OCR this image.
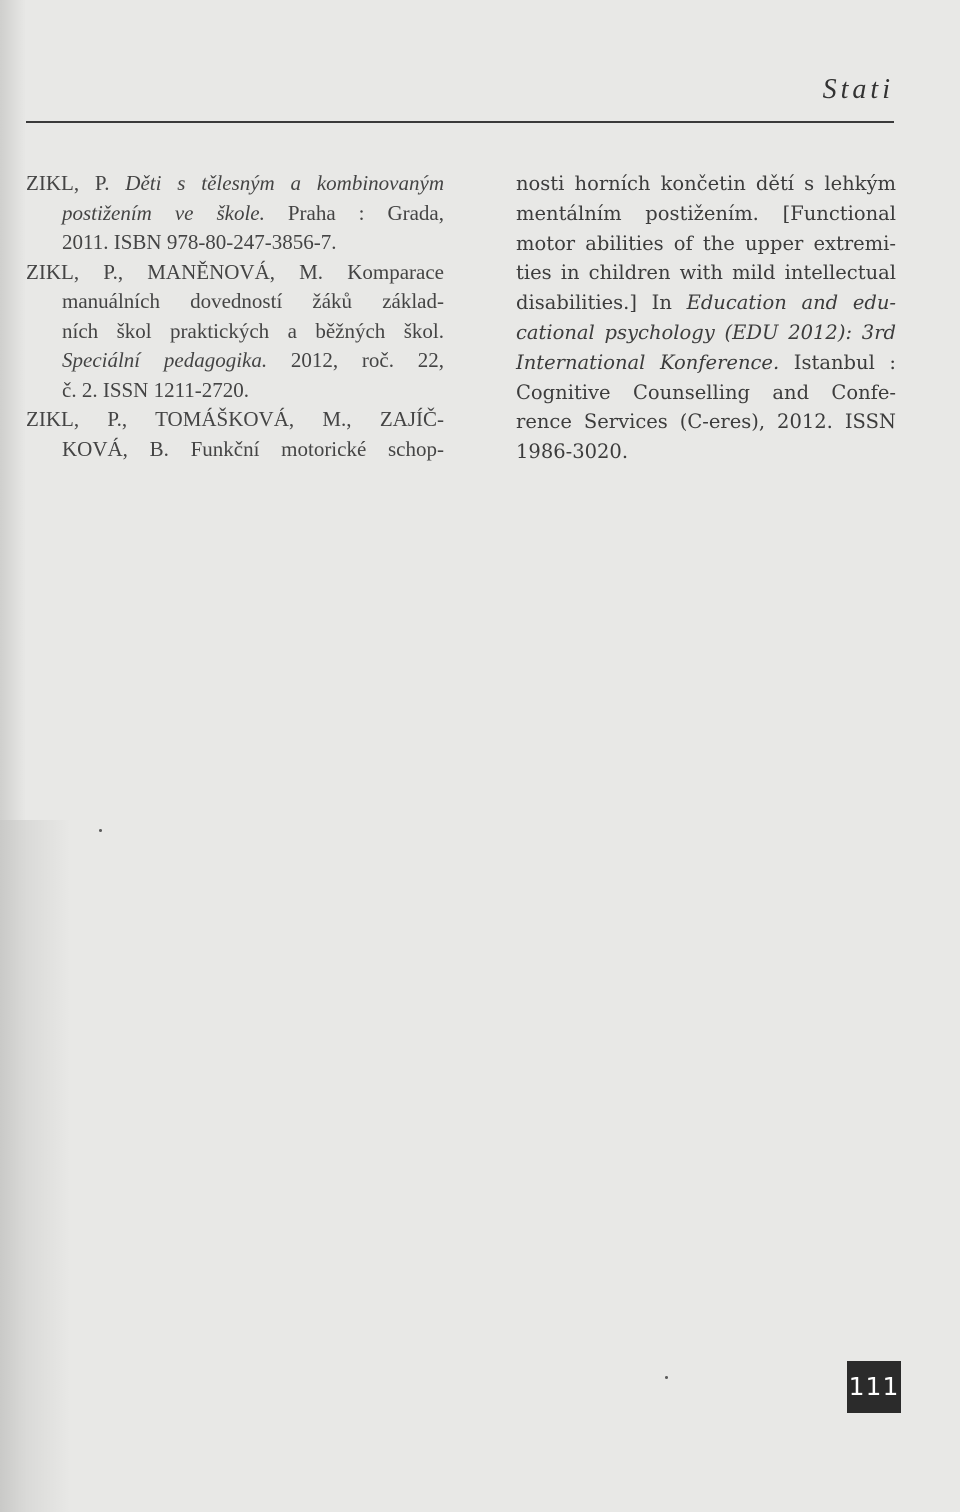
Stati
ZIKL, P. Děti s tělesným a kombinovaným
postižením ve škole. Praha : Grada,
2011. ISBN 978-80-247-3856-7.
ZIKL, P., MANĚNOVÁ, M. Komparace
manuálních dovedností žáků základ-
ních škol praktických a běžných škol.
Speciální pedagogika. 2012, roč. 22,
č. 2. ISSN 1211-2720.
ZIKL, P., TOMÁŠKOVÁ, M., ZAJÍČ-
KOVÁ, B. Funkční motorické schop-
nosti horních končetin dětí s lehkým
mentálním postižením. [Functional
motor abilities of the upper extremi-
ties in children with mild intellectual
disabilities.] In Education and edu-
cational psychology (EDU 2012): 3rd
International Konference. Istanbul :
Cognitive Counselling and Confe-
rence Services (C-eres), 2012. ISSN
1986-3020.
111
